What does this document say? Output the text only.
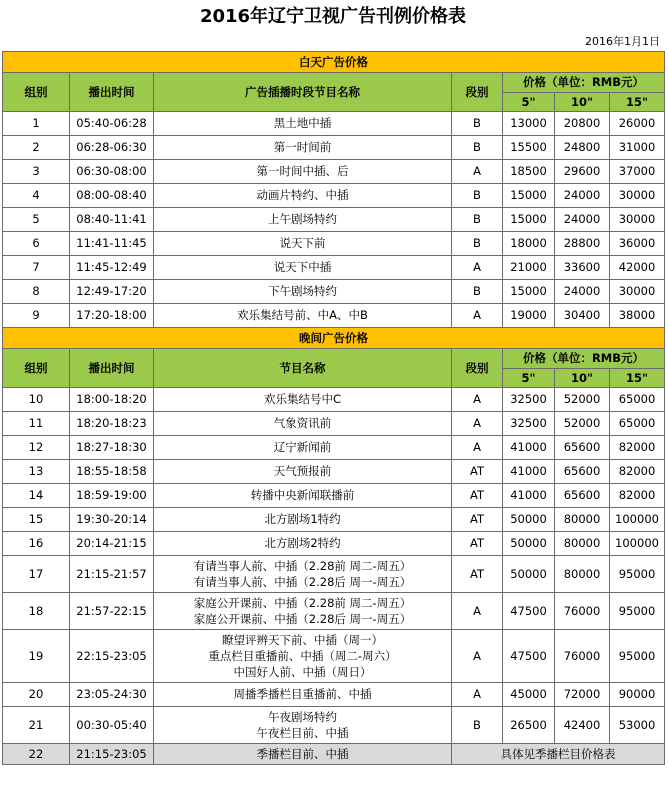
2016年辽宁卫视广告刊例价格表
2016年1月1日
白天广告价格						
组别	播出时间	广告插播时段节目名称	段别	价格（单位：RMB元）		
				5"	10"	15"
1	05:40-06:28	黑土地中插	B	13000	20800	26000
2	06:28-06:30	第一时间前	B	15500	24800	31000
3	06:30-08:00	第一时间中插、后	A	18500	29600	37000
4	08:00-08:40	动画片特约、中插	B	15000	24000	30000
5	08:40-11:41	上午剧场特约	B	15000	24000	30000
6	11:41-11:45	说天下前	B	18000	28800	36000
7	11:45-12:49	说天下中插	A	21000	33600	42000
8	12:49-17:20	下午剧场特约	B	15000	24000	30000
9	17:20-18:00	欢乐集结号前、中A、中B	A	19000	30400	38000
晚间广告价格						
组别	播出时间	节目名称	段别	价格（单位：RMB元）		
				5"	10"	15"
10	18:00-18:20	欢乐集结号中C	A	32500	52000	65000
11	18:20-18:23	气象资讯前	A	32500	52000	65000
12	18:27-18:30	辽宁新闻前	A	41000	65600	82000
13	18:55-18:58	天气预报前	AT	41000	65600	82000
14	18:59-19:00	转播中央新闻联播前	AT	41000	65600	82000
15	19:30-20:14	北方剧场1特约	AT	50000	80000	100000
16	20:14-21:15	北方剧场2特约	AT	50000	80000	100000
17	21:15-21:57	有请当事人前、中插（2.28前 周二-周五）
有请当事人前、中插（2.28后 周一-周五）	AT	50000	80000	95000
18	21:57-22:15	家庭公开课前、中插（2.28前 周二-周五）
家庭公开课前、中插（2.28后 周一-周五）	A	47500	76000	95000
19	22:15-23:05	瞭望评辨天下前、中插（周一）
重点栏目重播前、中插（周二-周六）
中国好人前、中插（周日）	A	47500	76000	95000
20	23:05-24:30	周播季播栏目重播前、中插	A	45000	72000	90000
21	00:30-05:40	午夜剧场特约
午夜栏目前、中插	B	26500	42400	53000
22	21:15-23:05	季播栏目前、中插	具体见季播栏目价格表			
